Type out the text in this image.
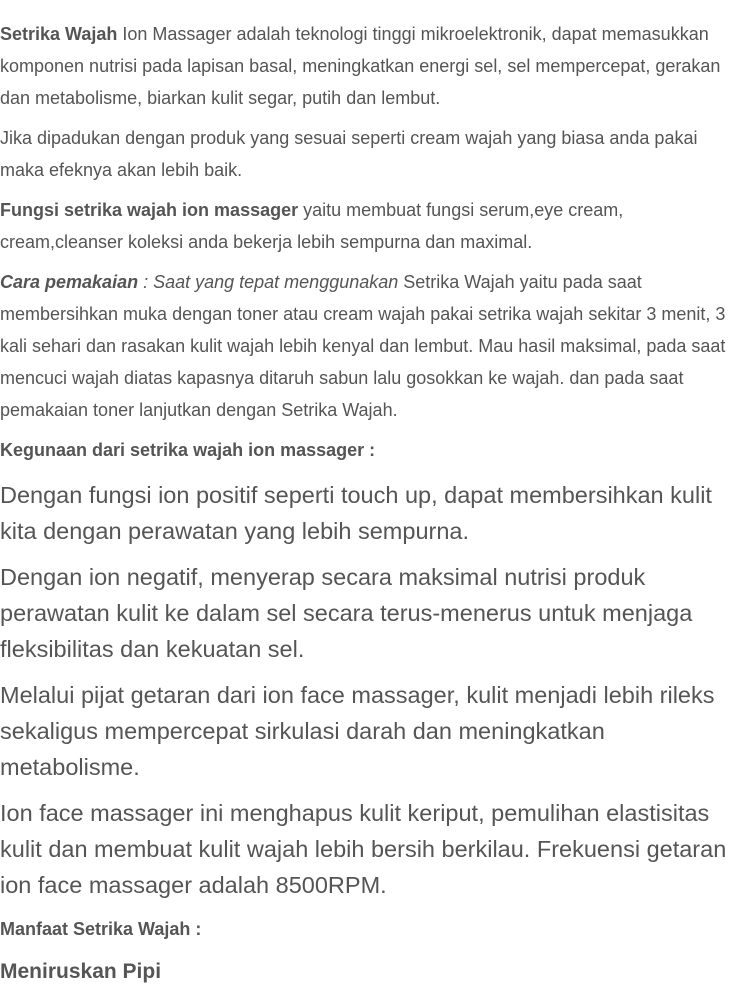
Setrika Wajah Ion Massager adalah teknologi tinggi mikroelektronik, dapat memasukkan komponen nutrisi pada lapisan basal, meningkatkan energi sel, sel mempercepat, gerakan dan metabolisme, biarkan kulit segar, putih dan lembut.

Jika dipadukan dengan produk yang sesuai seperti cream wajah yang biasa anda pakai maka efeknya akan lebih baik.

Fungsi setrika wajah ion massager yaitu membuat fungsi serum,eye cream, cream,cleanser koleksi anda bekerja lebih sempurna dan maximal.

Cara pemakaian : Saat yang tepat menggunakan Setrika Wajah yaitu pada saat membersihkan muka dengan toner atau cream wajah pakai setrika wajah sekitar 3 menit, 3 kali sehari dan rasakan kulit wajah lebih kenyal dan lembut. Mau hasil maksimal, pada saat mencuci wajah diatas kapasnya ditaruh sabun lalu gosokkan ke wajah. dan pada saat pemakaian toner lanjutkan dengan Setrika Wajah.

Kegunaan dari setrika wajah ion massager :

Dengan fungsi ion positif seperti touch up, dapat membersihkan kulit kita dengan perawatan yang lebih sempurna.

Dengan ion negatif, menyerap secara maksimal nutrisi produk perawatan kulit ke dalam sel secara terus-menerus untuk menjaga fleksibilitas dan kekuatan sel.

Melalui pijat getaran dari ion face massager, kulit menjadi lebih rileks sekaligus mempercepat sirkulasi darah dan meningkatkan metabolisme.

Ion face massager ini menghapus kulit keriput, pemulihan elastisitas kulit dan membuat kulit wajah lebih bersih berkilau. Frekuensi getaran ion face massager adalah 8500RPM.

Manfaat Setrika Wajah :
Meniruskan Pipi
